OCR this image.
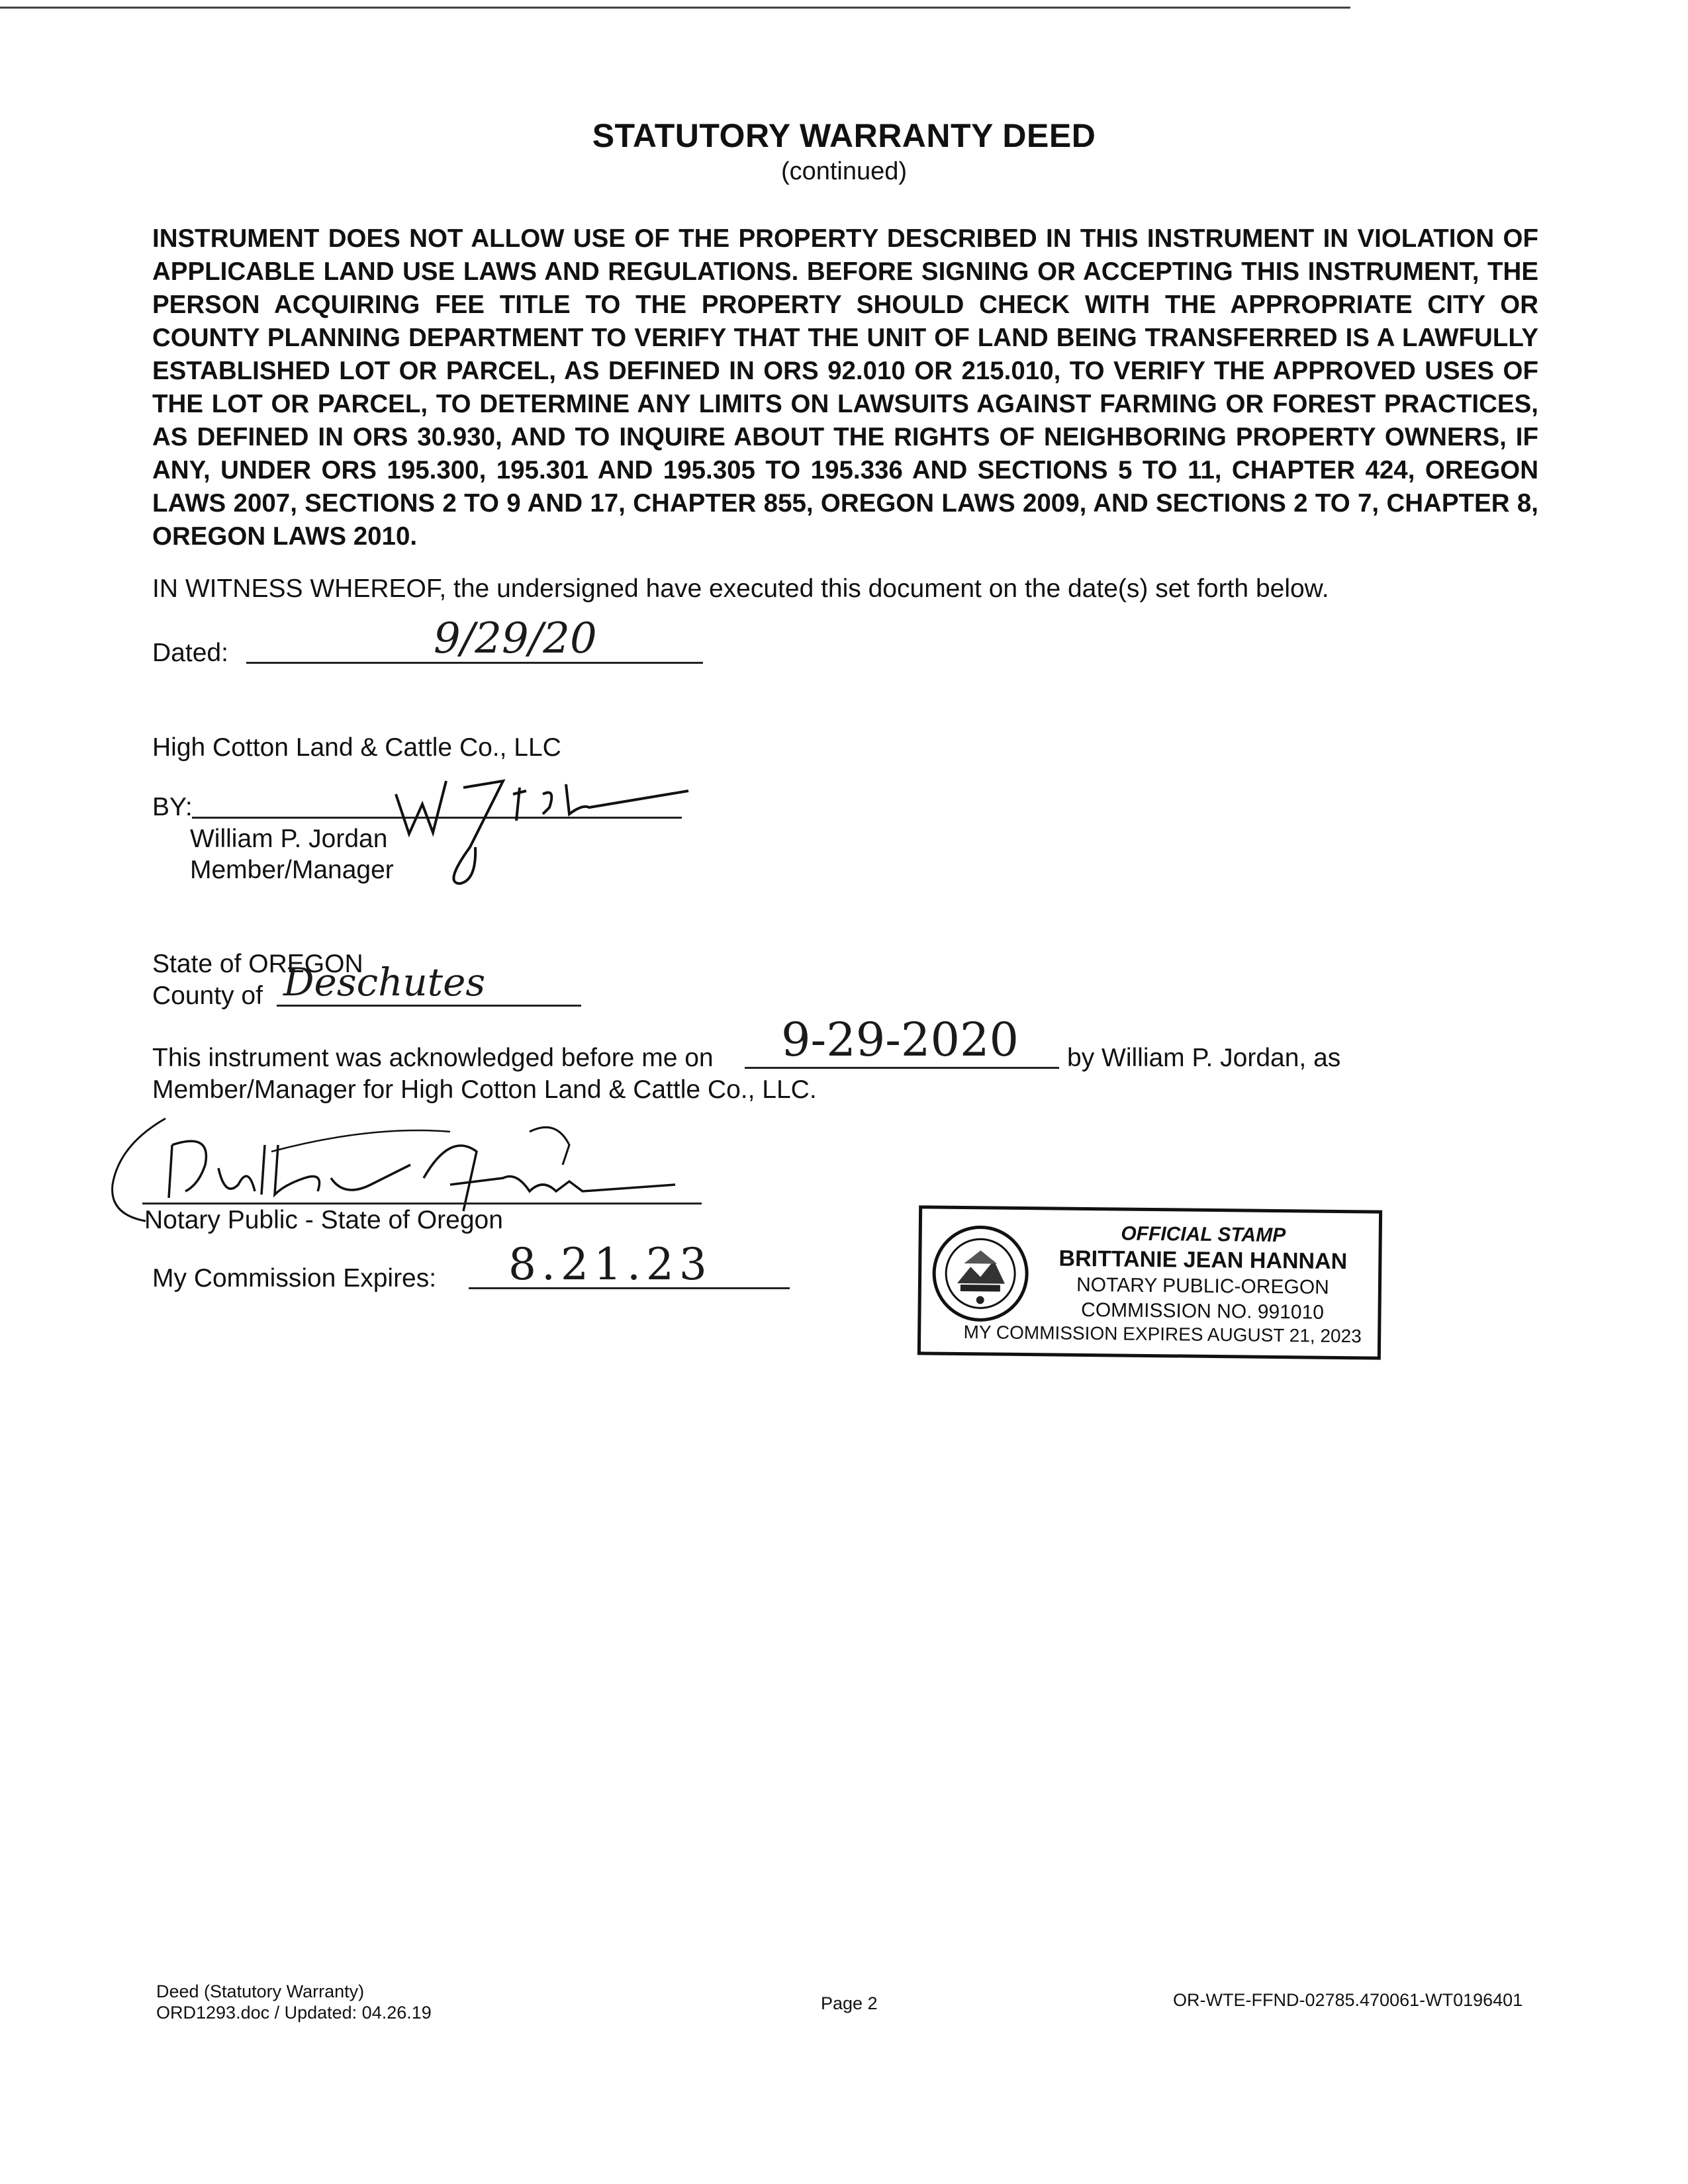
STATUTORY WARRANTY DEED
(continued)
INSTRUMENT DOES NOT ALLOW USE OF THE PROPERTY DESCRIBED IN THIS INSTRUMENT IN VIOLATION OF APPLICABLE LAND USE LAWS AND REGULATIONS. BEFORE SIGNING OR ACCEPTING THIS INSTRUMENT, THE PERSON ACQUIRING FEE TITLE TO THE PROPERTY SHOULD CHECK WITH THE APPROPRIATE CITY OR COUNTY PLANNING DEPARTMENT TO VERIFY THAT THE UNIT OF LAND BEING TRANSFERRED IS A LAWFULLY ESTABLISHED LOT OR PARCEL, AS DEFINED IN ORS 92.010 OR 215.010, TO VERIFY THE APPROVED USES OF THE LOT OR PARCEL, TO DETERMINE ANY LIMITS ON LAWSUITS AGAINST FARMING OR FOREST PRACTICES, AS DEFINED IN ORS 30.930, AND TO INQUIRE ABOUT THE RIGHTS OF NEIGHBORING PROPERTY OWNERS, IF ANY, UNDER ORS 195.300, 195.301 AND 195.305 TO 195.336 AND SECTIONS 5 TO 11, CHAPTER 424, OREGON LAWS 2007, SECTIONS 2 TO 9 AND 17, CHAPTER 855, OREGON LAWS 2009, AND SECTIONS 2 TO 7, CHAPTER 8, OREGON LAWS 2010.
IN WITNESS WHEREOF, the undersigned have executed this document on the date(s) set forth below.
Dated:	9/29/20
High Cotton Land & Cattle Co., LLC
BY:
William P. Jordan
Member/Manager
State of OREGON
County of Deschutes
This instrument was acknowledged before me on 9-29-2020 by William P. Jordan, as
Member/Manager for High Cotton Land & Cattle Co., LLC.
Notary Public - State of Oregon
My Commission Expires: 8.21.23
OFFICIAL STAMP
BRITTANIE JEAN HANNAN
NOTARY PUBLIC-OREGON
COMMISSION NO. 991010
MY COMMISSION EXPIRES AUGUST 21, 2023
Deed (Statutory Warranty)
ORD1293.doc / Updated: 04.26.19	Page 2	OR-WTE-FFND-02785.470061-WT0196401
